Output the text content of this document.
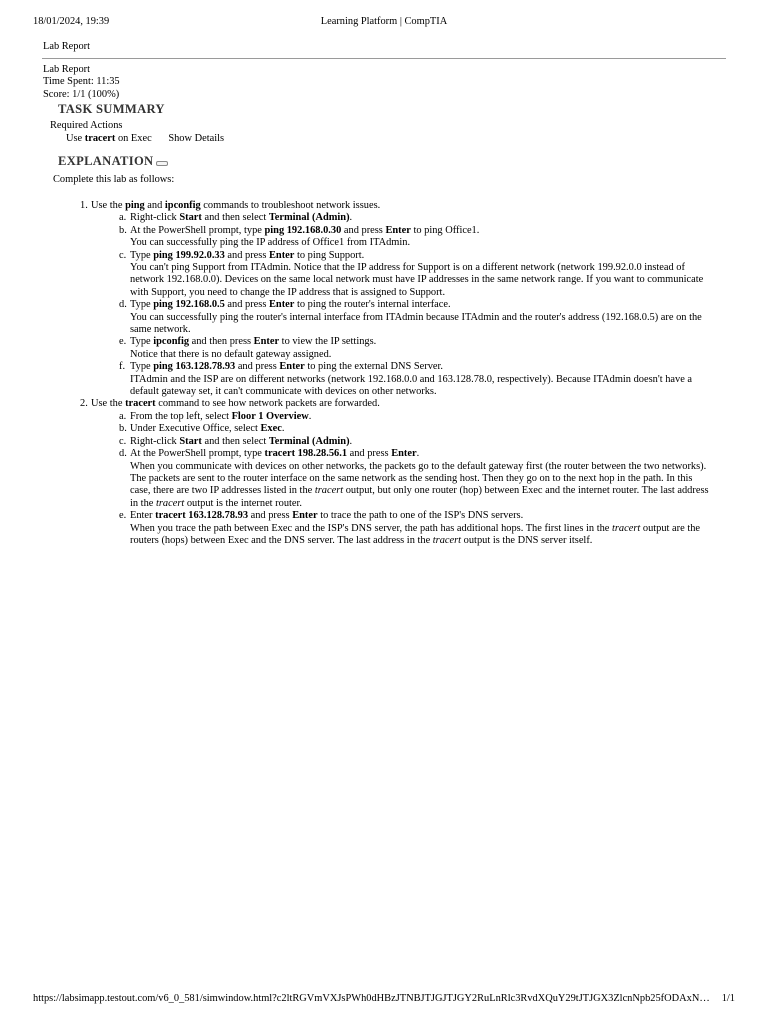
18/01/2024, 19:39	Learning Platform | CompTIA
Lab Report
Lab Report
Time Spent: 11:35
Score: 1/1 (100%)
TASK SUMMARY
Required Actions
Use tracert on Exec Show Details
EXPLANATION
Complete this lab as follows:
1. Use the ping and ipconfig commands to troubleshoot network issues.
a. Right-click Start and then select Terminal (Admin).
b. At the PowerShell prompt, type ping 192.168.0.30 and press Enter to ping Office1.
You can successfully ping the IP address of Office1 from ITAdmin.
c. Type ping 199.92.0.33 and press Enter to ping Support.
You can't ping Support from ITAdmin. Notice that the IP address for Support is on a different network (network 199.92.0.0 instead of network 192.168.0.0). Devices on the same local network must have IP addresses in the same network range. If you want to communicate with Support, you need to change the IP address that is assigned to Support.
d. Type ping 192.168.0.5 and press Enter to ping the router's internal interface.
You can successfully ping the router's internal interface from ITAdmin because ITAdmin and the router's address (192.168.0.5) are on the same network.
e. Type ipconfig and then press Enter to view the IP settings.
Notice that there is no default gateway assigned.
f. Type ping 163.128.78.93 and press Enter to ping the external DNS Server.
ITAdmin and the ISP are on different networks (network 192.168.0.0 and 163.128.78.0, respectively). Because ITAdmin doesn't have a default gateway set, it can't communicate with devices on other networks.
2. Use the tracert command to see how network packets are forwarded.
a. From the top left, select Floor 1 Overview.
b. Under Executive Office, select Exec.
c. Right-click Start and then select Terminal (Admin).
d. At the PowerShell prompt, type tracert 198.28.56.1 and press Enter.
When you communicate with devices on other networks, the packets go to the default gateway first (the router between the two networks). The packets are sent to the router interface on the same network as the sending host. Then they go on to the next hop in the path. In this case, there are two IP addresses listed in the tracert output, but only one router (hop) between Exec and the internet router. The last address in the tracert output is the internet router.
e. Enter tracert 163.128.78.93 and press Enter to trace the path to one of the ISP's DNS servers.
When you trace the path between Exec and the ISP's DNS server, the path has additional hops. The first lines in the tracert output are the routers (hops) between Exec and the DNS server. The last address in the tracert output is the DNS server itself.
https://labsimapp.testout.com/v6_0_581/simwindow.html?c2ltRGVmVXJsPWh0dHBzJTNBJTJGJTJGY2RuLnRlc3RvdXQuY29tJTJGX3ZlcnNpb25fODAxN…	1/1
